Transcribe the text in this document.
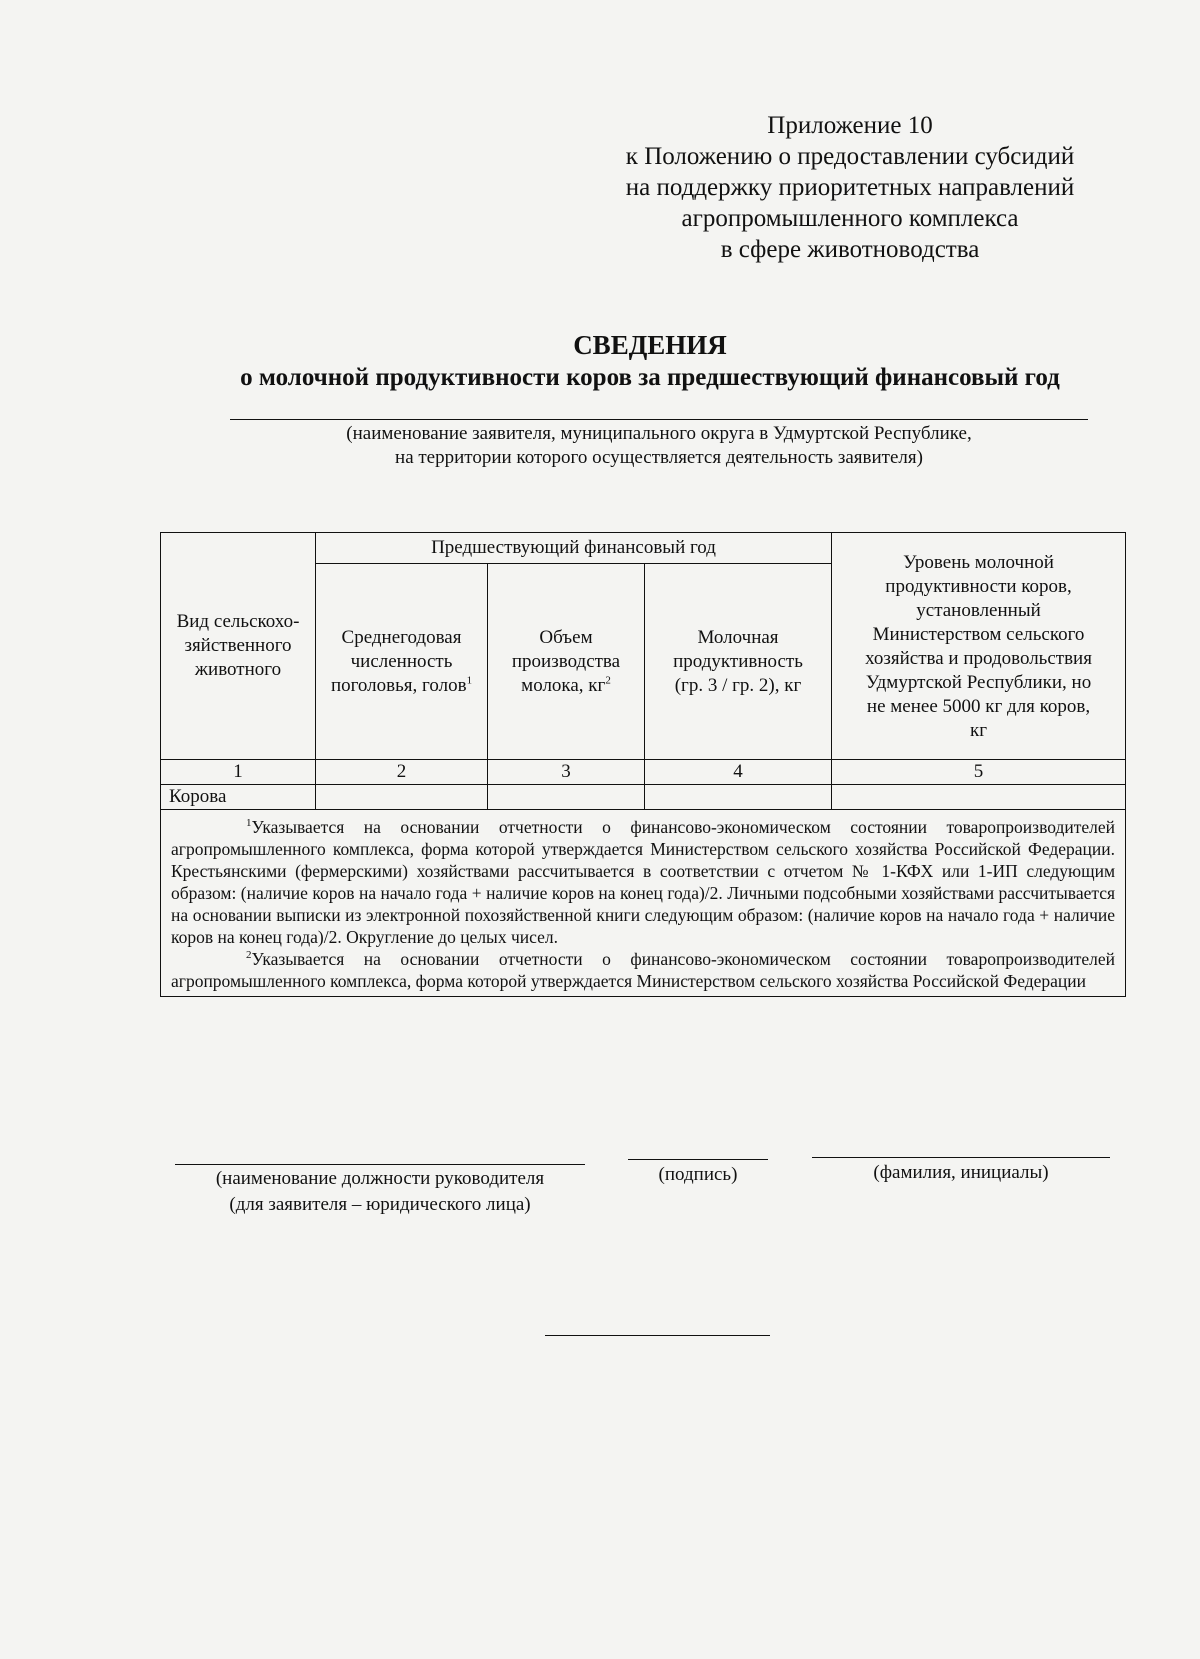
Приложение 10
к Положению о предоставлении субсидий
на поддержку приоритетных направлений
агропромышленного комплекса
в сфере животноводства
СВЕДЕНИЯ
о молочной продуктивности коров за предшествующий финансовый год
(наименование заявителя, муниципального округа в Удмуртской Республике,
на территории которого осуществляется деятельность заявителя)
Вид сельскохо- зяйственного животного	Предшествующий финансовый год			Уровень молочной продуктивности коров, установленный Министерством сельского хозяйства и продовольствия Удмуртской Республики, но не менее 5000 кг для коров, кг
	Среднегодовая численность поголовья, голов$^1$	Объем производства молока, $кг^2$	Молочная продуктивность (гр. 3 / гр. 2), кг	
1	2	3	4	5
Корова				

$^1$Указывается на основании отчетности о финансово-экономическом состоянии товаропроизводителей агропромышленного комплекса, форма которой утверждается Министерством сельского хозяйства Российской Федерации. Крестьянскими (фермерскими) хозяйствами рассчитывается в соответствии с отчетом № 1-КФХ или 1-ИП следующим образом: (наличие коров на начало года + наличие коров на конец года)/2. Личными подсобными хозяйствами рассчитывается на основании выписки из электронной похозяйственной книги следующим образом: (наличие коров на начало года + наличие коров на конец года)/2. Округление до целых чисел.
$^2$Указывается на основании отчетности о финансово-экономическом состоянии товаропроизводителей агропромышленного комплекса, форма которой утверждается Министерством сельского хозяйства Российской Федерации				
(наименование должности руководителя
(для заявителя – юридического лица)
(подпись)	(фамилия, инициалы)
